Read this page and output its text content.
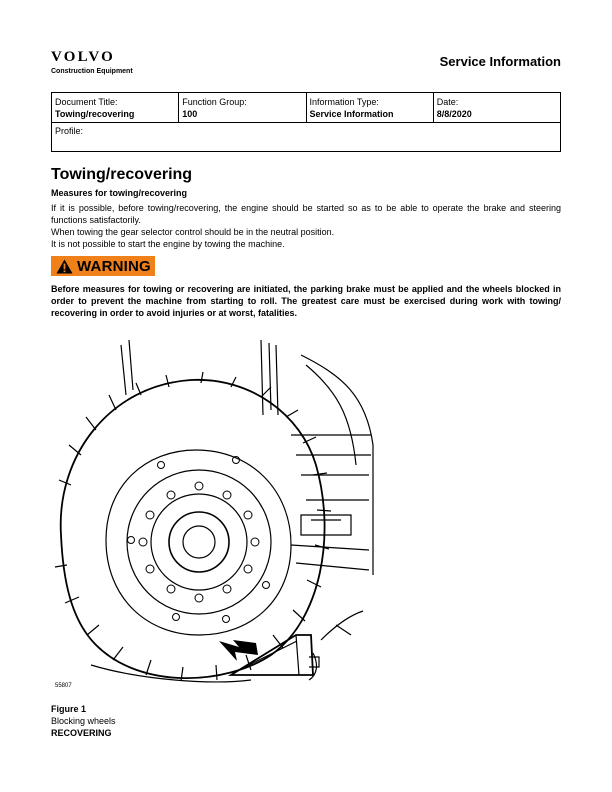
VOLVO
Construction Equipment
Service Information
Document Title:
Towing/recovering
Function Group:
100
Information Type:
Service Information
Date:
8/8/2020
Profile:
Towing/recovering
Measures for towing/recovering

If it is possible, before towing/recovering, the engine should be started so as to be able to operate the brake and steering functions satisfactorily.

When towing the gear selector control should be in the neutral position.

It is not possible to start the engine by towing the machine.

WARNING

Before measures for towing or recovering are initiated, the parking brake must be applied and the wheels blocked in order to prevent the machine from starting to roll. The greatest care must be exercised during work with towing/ recovering in order to avoid injuries or at worst, fatalities.

55807
Figure 1
Blocking wheels
RECOVERING
